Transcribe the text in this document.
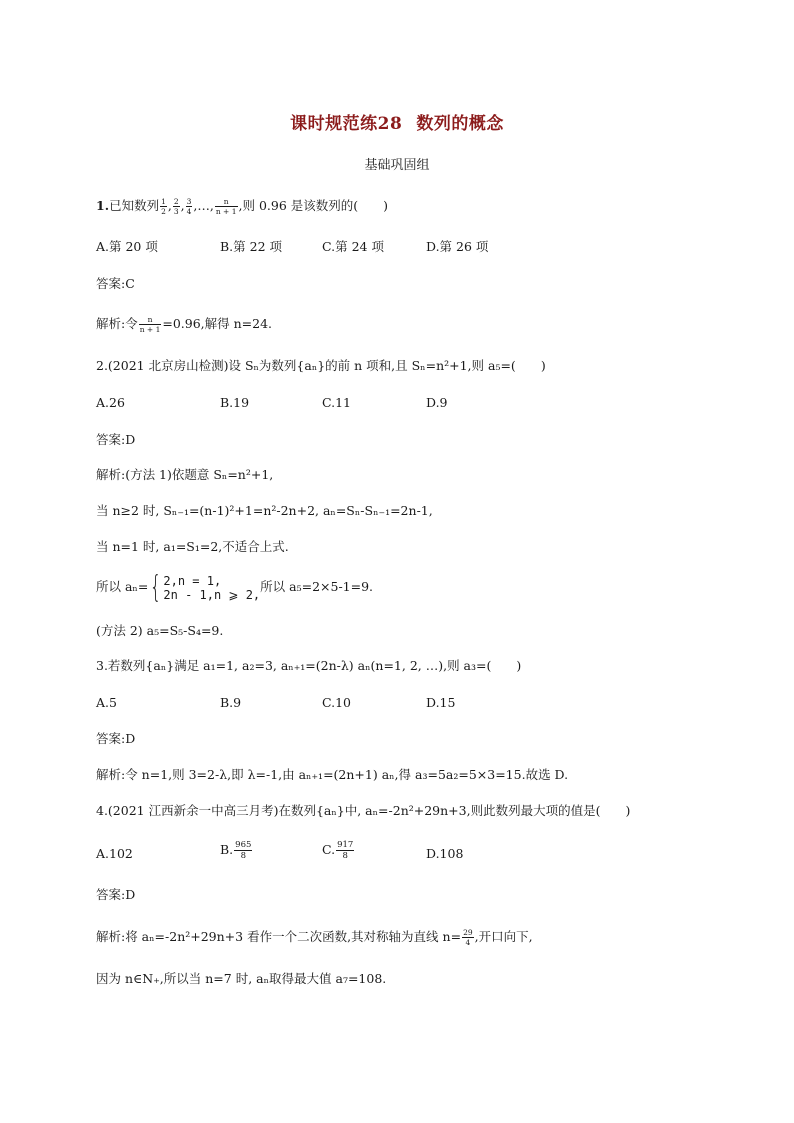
课时规范练28 数列的概念
基础巩固组
1.已知数列 $\frac{1}{2}$ , $\frac{2}{3}$ , $\frac{3}{4}$ ,…, $\frac{n}{n + 1}$ ,则 0.96 是该数列的(　　)
A.第 20 项	B.第 22 项	C.第 24 项	D.第 26 项
答案:C
解析:令 $\frac{n}{n + 1} =0.96$,解得 n=24.
2.(2021 北京房山检测)设 Sₙ为数列{aₙ}的前 n 项和,且 Sₙ=n²+1,则 a₅=(　　)
A.26	B.19	C.11	D.9
答案:D
解析:(方法 1)依题意 Sₙ=n²+1,
当 n≥2 时, Sₙ₋₁=(n-1)²+1=n²-2n+2, aₙ=Sₙ-Sₙ₋₁=2n-1,
当 n=1 时, a₁=S₁=2,不适合上式.
所以 aₙ={ 2,n = 1,
2n - 1,n ⩾ 2,
所以 a₅=2×5-1=9.
(方法 2) a₅=S₅-S₄=9.
3.若数列{aₙ}满足 a₁=1, a₂=3, aₙ₊₁=(2n-λ) aₙ(n=1, 2, …),则 a₃=(　　)
A.5	B.9	C.10	D.15
答案:D
解析:令 n=1,则 3=2-λ,即 λ=-1,由 aₙ₊₁=(2n+1) aₙ,得 a₃=5a₂=5×3=15.故选 D.
4.(2021 江西新余一中高三月考)在数列{aₙ}中, aₙ=-2n²+29n+3,则此数列最大项的值是(　　)
A.102	B. $\frac{965}{8}$	C. $\frac{917}{8}$	D.108
答案:D
解析:将 aₙ=-2n²+29n+3 看作一个二次函数,其对称轴为直线 $n= \frac{29}{4}$ ,开口向下,
因为 n∈N₊,所以当 n=7 时, aₙ取得最大值 a₇=108.
